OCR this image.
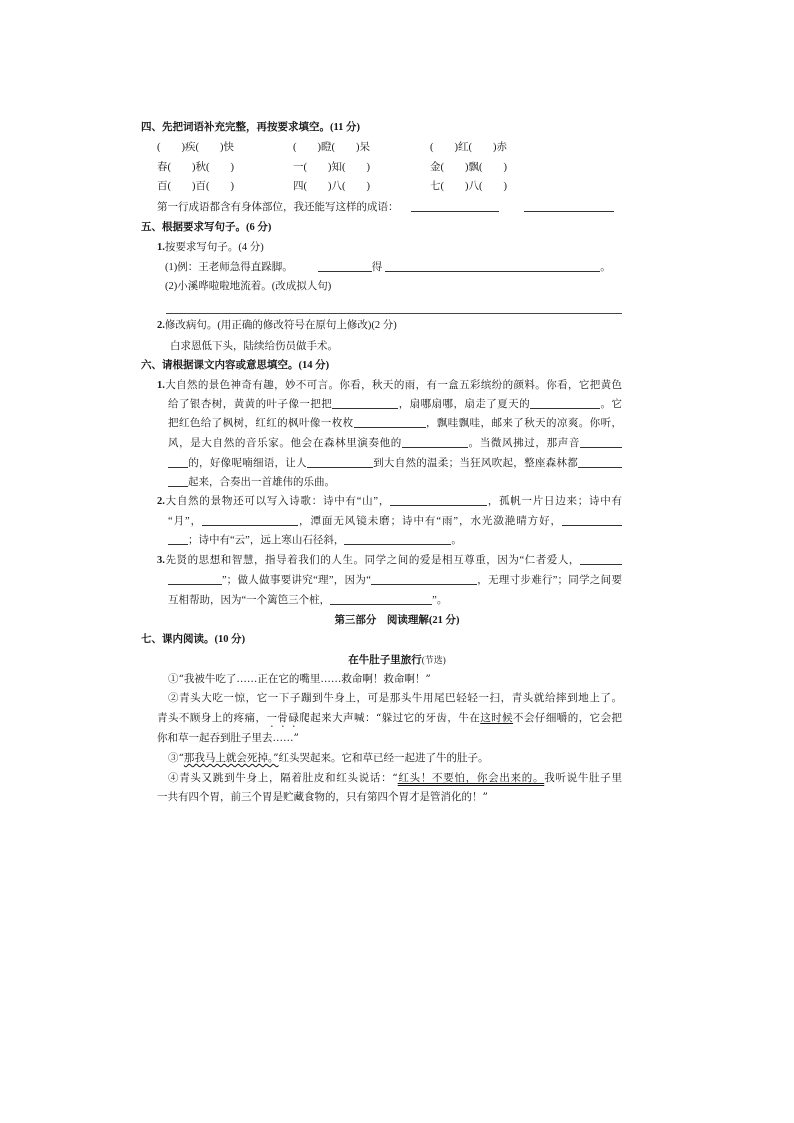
四、先把词语补充完整，再按要求填空。(11 分)
(　　)疾(　　)快	(　　)瞪(　　)呆	(　　)红(　　)赤
春(　　)秋(　　)	一(　　)知(　　)	金(　　)飘(　　)
百(　　)百(　　)	四(　　)八(　　)	七(　　)八(　　)
第一行成语都含有身体部位，我还能写这样的成语：
五、根据要求写句子。(6 分)
1.按要求写句子。(4 分)
(1)例：王老师急得直跺脚。	得	。
(2)小溪哗啦啦地流着。(改成拟人句)
2.修改病句。(用正确的修改符号在原句上修改)(2 分)
白求恩低下头，陆续给伤员做手术。
六、请根据课文内容或意思填空。(14 分)
1.大自然的景色神奇有趣，妙不可言。你看，秋天的雨，有一盒五彩缤纷的颜料。你看，它把黄色
给了银杏树，黄黄的叶子像一把把	，扇哪扇哪，扇走了夏天的	。它
把红色给了枫树，红红的枫叶像一枚枚	，飘哇飘哇，邮来了秋天的凉爽。你听，
风，是大自然的音乐家。他会在森林里演奏他的	。当微风拂过，那声音
的，好像呢喃细语，让人	到大自然的温柔；当狂风吹起，整座森林都
起来，合奏出一首雄伟的乐曲。
2.大自然的景物还可以写入诗歌：诗中有“山”，	，孤帆一片日边来；诗中有
“月”，	，潭面无风镜未磨；诗中有“雨”，水光潋滟晴方好，
；诗中有“云”，远上寒山石径斜，	。
3.先贤的思想和智慧，指导着我们的人生。同学之间的爱是相互尊重，因为“仁者爱人，
”；做人做事要讲究“理”，因为“	，无理寸步难行”；同学之间要
互相帮助，因为“一个篱笆三个桩，	”。
第三部分　阅读理解(21 分)
七、课内阅读。(10 分)
在牛肚子里旅行(节选)
①“我被牛吃了……正在它的嘴里……救命啊！救命啊！”
②青头大吃一惊，它一下子蹦到牛身上，可是那头牛用尾巴轻轻一扫，青头就给摔到地上了。
青头不顾身上的疼痛，一骨碌爬起来大声喊：“躲过它的牙齿，牛在这时候不会仔细嚼的，它会把
你和草一起吞到肚子里去……”
③“那我马上就会死掉。”红头哭起来。它和草已经一起进了牛的肚子。
④青头又跳到牛身上，隔着肚皮和红头说话：“红头！不要怕，你会出来的。我听说牛肚子里
一共有四个胃，前三个胃是贮藏食物的，只有第四个胃才是管消化的！”
